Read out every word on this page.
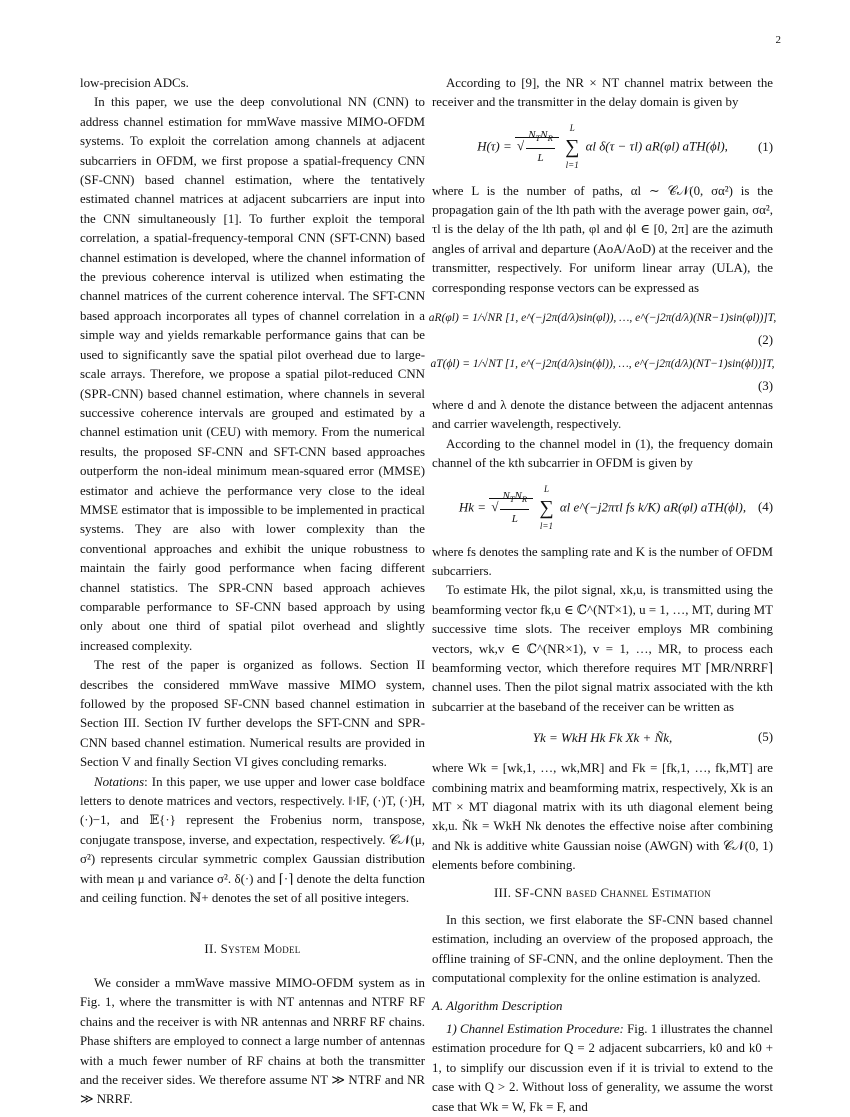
2

low-precision ADCs.

In this paper, we use the deep convolutional NN (CNN) to address channel estimation for mmWave massive MIMO-OFDM systems. To exploit the correlation among channels at adjacent subcarriers in OFDM, we first propose a spatial-frequency CNN (SF-CNN) based channel estimation, where the tentatively estimated channel matrices at adjacent subcarriers are input into the CNN simultaneously [1]. To further exploit the temporal correlation, a spatial-frequency-temporal CNN (SFT-CNN) based channel estimation is developed, where the channel information of the previous coherence interval is utilized when estimating the channel matrices of the current coherence interval. The SFT-CNN based approach incorporates all types of channel correlation in a simple way and yields remarkable performance gains that can be used to significantly save the spatial pilot overhead due to large-scale arrays. Therefore, we propose a spatial pilot-reduced CNN (SPR-CNN) based channel estimation, where channels in several successive coherence intervals are grouped and estimated by a channel estimation unit (CEU) with memory. From the numerical results, the proposed SF-CNN and SFT-CNN based approaches outperform the non-ideal minimum mean-squared error (MMSE) estimator and achieve the performance very close to the ideal MMSE estimator that is impossible to be implemented in practical systems. They are also with lower complexity than the conventional approaches and exhibit the unique robustness to maintain the fairly good performance when facing different channel statistics. The SPR-CNN based approach achieves comparable performance to SF-CNN based approach by using only about one third of spatial pilot overhead and slightly increased complexity.

The rest of the paper is organized as follows. Section II describes the considered mmWave massive MIMO system, followed by the proposed SF-CNN based channel estimation in Section III. Section IV further develops the SFT-CNN and SPR-CNN based channel estimation. Numerical results are provided in Section V and finally Section VI gives concluding remarks.

Notations: In this paper, we use upper and lower case boldface letters to denote matrices and vectors, respectively. ‖·‖F, (·)T, (·)H, (·)−1, and 𝔼{·} represent the Frobenius norm, transpose, conjugate transpose, inverse, and expectation, respectively. 𝒞𝒩(μ, σ²) represents circular symmetric complex Gaussian distribution with mean μ and variance σ². δ(·) and ⌈·⌉ denote the delta function and ceiling function. ℕ+ denotes the set of all positive integers.

II. System Model

We consider a mmWave massive MIMO-OFDM system as in Fig. 1, where the transmitter is with NT antennas and NTRF RF chains and the receiver is with NR antennas and NRRF RF chains. Phase shifters are employed to connect a large number of antennas with a much fewer number of RF chains at both the transmitter and the receiver sides. We therefore assume NT ≫ NTRF and NR ≫ NRRF.

According to [9], the NR × NT channel matrix between the receiver and the transmitter in the delay domain is given by

H(τ) = √ $\frac{N_TN_R}{L}$
L
∑
l=1
αl δ(τ − τl) aR(φl) aTH(ϕl), (1)

where L is the number of paths, αl ∼ 𝒞𝒩(0, σα²) is the propagation gain of the lth path with the average power gain, σα², τl is the delay of the lth path, φl and ϕl ∈ [0, 2π] are the azimuth angles of arrival and departure (AoA/AoD) at the receiver and the transmitter, respectively. For uniform linear array (ULA), the corresponding response vectors can be expressed as

aR(φl) = 1/√NR [1, e^(−j2π(d/λ)sin(φl)), …, e^(−j2π(d/λ)(NR−1)sin(φl))]T,
(2)
aT(ϕl) = 1/√NT [1, e^(−j2π(d/λ)sin(ϕl)), …, e^(−j2π(d/λ)(NT−1)sin(ϕl))]T,
(3)

where d and λ denote the distance between the adjacent antennas and carrier wavelength, respectively.

According to the channel model in (1), the frequency domain channel of the kth subcarrier in OFDM is given by

Hk = √ $\frac{N_TN_R}{L}$
L
∑
l=1
αl e^(−j2πτl fs k/K) aR(φl) aTH(ϕl), (4)

where fs denotes the sampling rate and K is the number of OFDM subcarriers.

To estimate Hk, the pilot signal, xk,u, is transmitted using the beamforming vector fk,u ∈ ℂ^(NT×1), u = 1, …, MT, during MT successive time slots. The receiver employs MR combining vectors, wk,v ∈ ℂ^(NR×1), v = 1, …, MR, to process each beamforming vector, which therefore requires MT ⌈MR/NRRF⌉ channel uses. Then the pilot signal matrix associated with the kth subcarrier at the baseband of the receiver can be written as

Yk = WkH Hk Fk Xk + Ñk,	(5)

where Wk = [wk,1, …, wk,MR] and Fk = [fk,1, …, fk,MT] are combining matrix and beamforming matrix, respectively, Xk is an MT × MT diagonal matrix with its uth diagonal element being xk,u. Ñk = WkH Nk denotes the effective noise after combining and Nk is additive white Gaussian noise (AWGN) with 𝒞𝒩(0, 1) elements before combining.

III. SF-CNN based Channel Estimation

In this section, we first elaborate the SF-CNN based channel estimation, including an overview of the proposed approach, the offline training of SF-CNN, and the online deployment. Then the computational complexity for the online estimation is analyzed.

A. Algorithm Description

1) Channel Estimation Procedure: Fig. 1 illustrates the channel estimation procedure for Q = 2 adjacent subcarriers, k0 and k0 + 1, to simplify our discussion even if it is trivial to extend to the case with Q > 2. Without loss of generality, we assume the worst case that Wk = W, Fk = F, and
